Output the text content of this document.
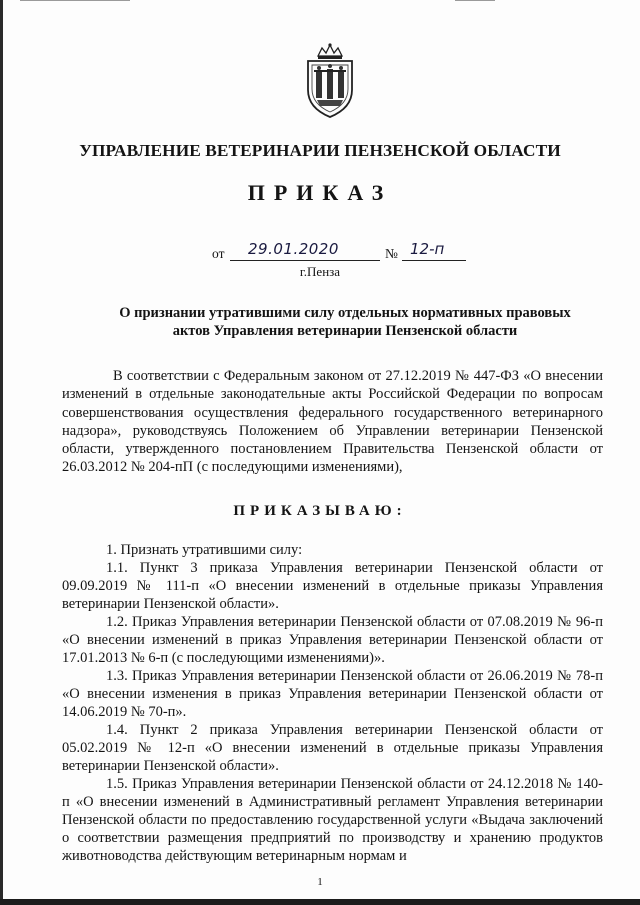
УПРАВЛЕНИЕ ВЕТЕРИНАРИИ ПЕНЗЕНСКОЙ ОБЛАСТИ
ПРИКАЗ
от 29.01.2020	№ 12-п
г.Пенза
О признании утратившими силу отдельных нормативных правовых
актов Управления ветеринарии Пензенской области
В соответствии с Федеральным законом от 27.12.2019 № 447-ФЗ «О внесении изменений в отдельные законодательные акты Российской Федерации по вопросам совершенствования осуществления федерального государственного ветеринарного надзора», руководствуясь Положением об Управлении ветеринарии Пензенской области, утвержденного постановлением Правительства Пензенской области от 26.03.2012 № 204-пП (с последующими изменениями),
ПРИКАЗЫВАЮ:

1. Признать утратившими силу:

1.1. Пункт 3 приказа Управления ветеринарии Пензенской области от 09.09.2019 № 111-п «О внесении изменений в отдельные приказы Управления ветеринарии Пензенской области».

1.2. Приказ Управления ветеринарии Пензенской области от 07.08.2019 № 96-п «О внесении изменений в приказ Управления ветеринарии Пензенской области от 17.01.2013 № 6-п (с последующими изменениями)».

1.3. Приказ Управления ветеринарии Пензенской области от 26.06.2019 № 78-п «О внесении изменения в приказ Управления ветеринарии Пензенской области от 14.06.2019 № 70-п».

1.4. Пункт 2 приказа Управления ветеринарии Пензенской области от 05.02.2019 № 12-п «О внесении изменений в отдельные приказы Управления ветеринарии Пензенской области».

1.5. Приказ Управления ветеринарии Пензенской области от 24.12.2018 № 140-п «О внесении изменений в Административный регламент Управления ветеринарии Пензенской области по предоставлению государственной услуги «Выдача заключений о соответствии размещения предприятий по производству и хранению продуктов животноводства действующим ветеринарным нормам и

1
